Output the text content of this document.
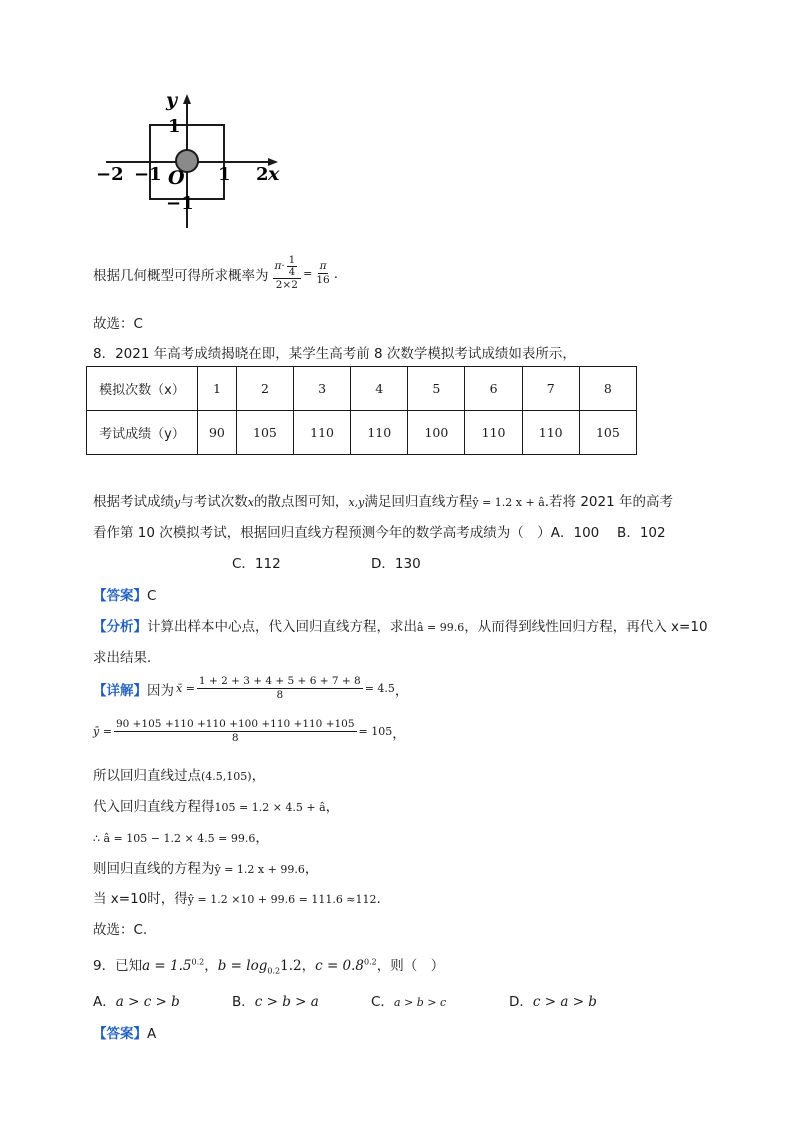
y
1
−2 −1 O 1 2 x
−1
根据几何概型可得所求概率为 $\frac{\pi \cdot \frac{1}{4}}{2\times 2} = \frac{\pi}{16}$ .
故选：C
8．2021 年高考成绩揭晓在即，某学生高考前 8 次数学模拟考试成绩如表所示，
模拟次数（x）	1	2	3	4	5	6	7	8
考试成绩（y）	90	105	110	110	100	110	110	105
根据考试成绩y与考试次数x的散点图可知，x,y满足回归直线方程ŷ = 1.2 x + â.若将 2021 年的高考
看作第 10 次模拟考试，根据回归直线方程预测今年的数学高考成绩为（　）A．100　 B．102
C．112	D．130
【答案】C
【分析】计算出样本中心点，代入回归直线方程，求出â = 99.6，从而得到线性回归方程，再代入 x=10
求出结果.
【详解】 因为 x̄ = $\frac{1 + 2 + 3 + 4 + 5 + 6 + 7 + 8}{8} = 4.5$ ，
ȳ = $\frac{90 +105 +110 +110 +100 +110 +110 +105}{8} = 105$ ，
所以回归直线过点(4.5,105)，
代入回归直线方程得105 = 1.2 × 4.5 + â，
∴ â = 105 − 1.2 × 4.5 = 99.6，
则回归直线的方程为ŷ = 1.2 x + 99.6，
当 x=10时，得ŷ = 1.2 ×10 + 99.6 = 111.6 ≈112.
故选：C.
9．已知$a = 1.5^{0.2}$，$b = \log_{0.2}1.2$，$c = 0.8^{0.2}$，则（　）
A．a > c > b	B．c > b > a	C．a > b > c	D．c > a > b
【答案】A
